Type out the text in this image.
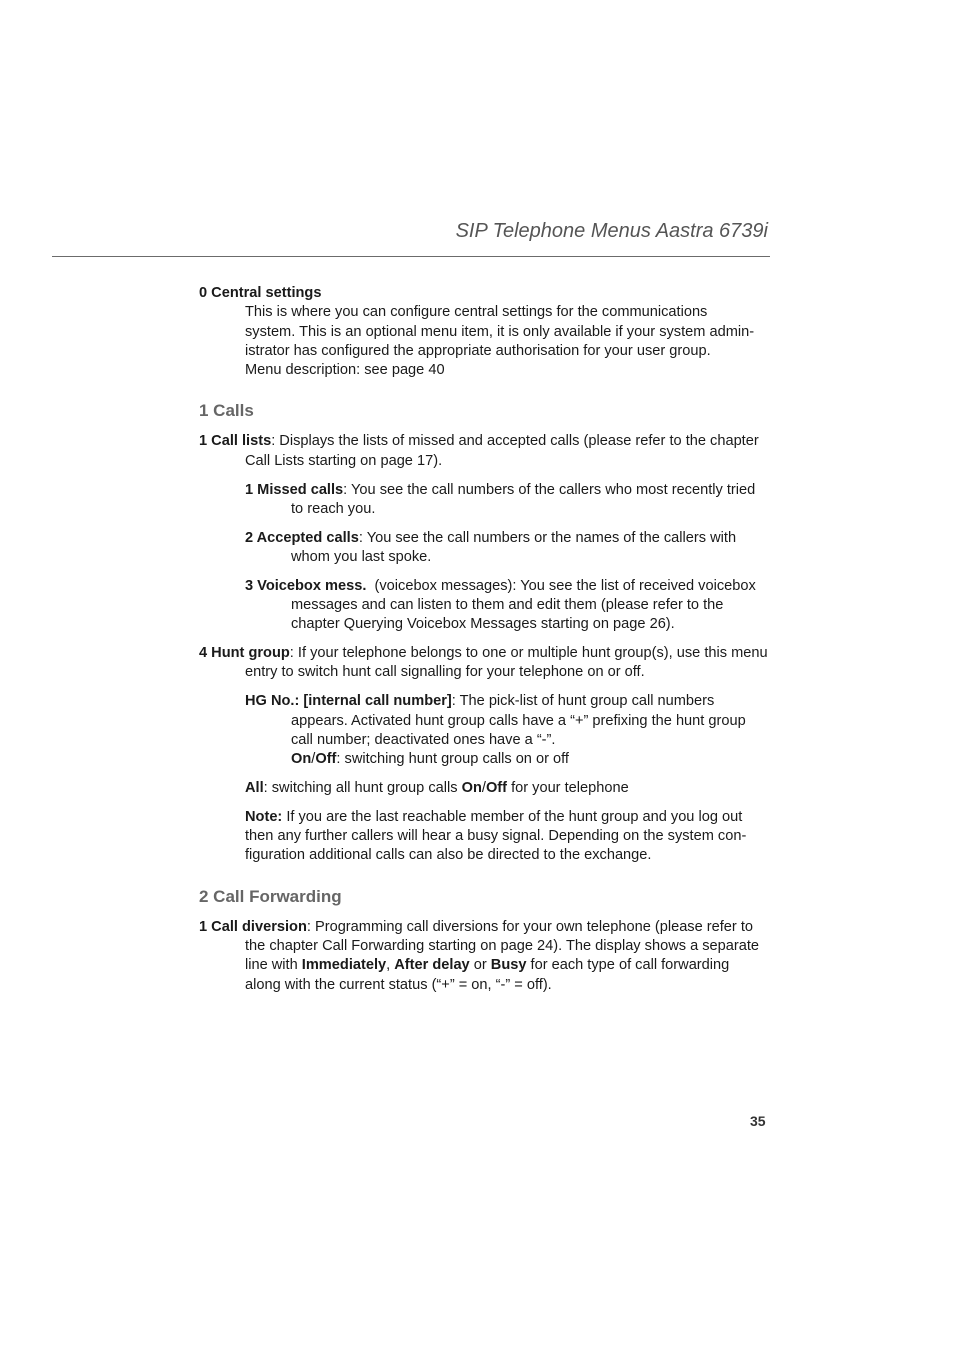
SIP Telephone Menus Aastra 6739i

0 Central settings

This is where you can configure central settings for the communications

system. This is an optional menu item, it is only available if your system admin-

istrator has configured the appropriate authorisation for your user group.

Menu description: see page 40

1 Calls

1 Call lists: Displays the lists of missed and accepted calls (please refer to the chapter Call Lists starting on page 17).

1 Missed calls: You see the call numbers of the callers who most recently tried to reach you.

2 Accepted calls: You see the call numbers or the names of the callers with whom you last spoke.

3 Voicebox mess.  (voicebox messages): You see the list of received voicebox messages and can listen to them and edit them (please refer to the chapter Querying Voicebox Messages starting on page 26).

4 Hunt group: If your telephone belongs to one or multiple hunt group(s), use this menu entry to switch hunt call signalling for your telephone on or off.

HG No.: [internal call number]: The pick-list of hunt group call numbers appears. Activated hunt group calls have a “+” prefixing the hunt group call number; deactivated ones have a “-”.

On/Off: switching hunt group calls on or off

All: switching all hunt group calls On/Off for your telephone

Note: If you are the last reachable member of the hunt group and you log out then any further callers will hear a busy signal. Depending on the system con-figuration additional calls can also be directed to the exchange.

2 Call Forwarding

1 Call diversion: Programming call diversions for your own telephone (please refer to the chapter Call Forwarding starting on page 24). The display shows a separate line with Immediately, After delay or Busy for each type of call forwarding along with the current status (“+” = on, “-” = off).

35
